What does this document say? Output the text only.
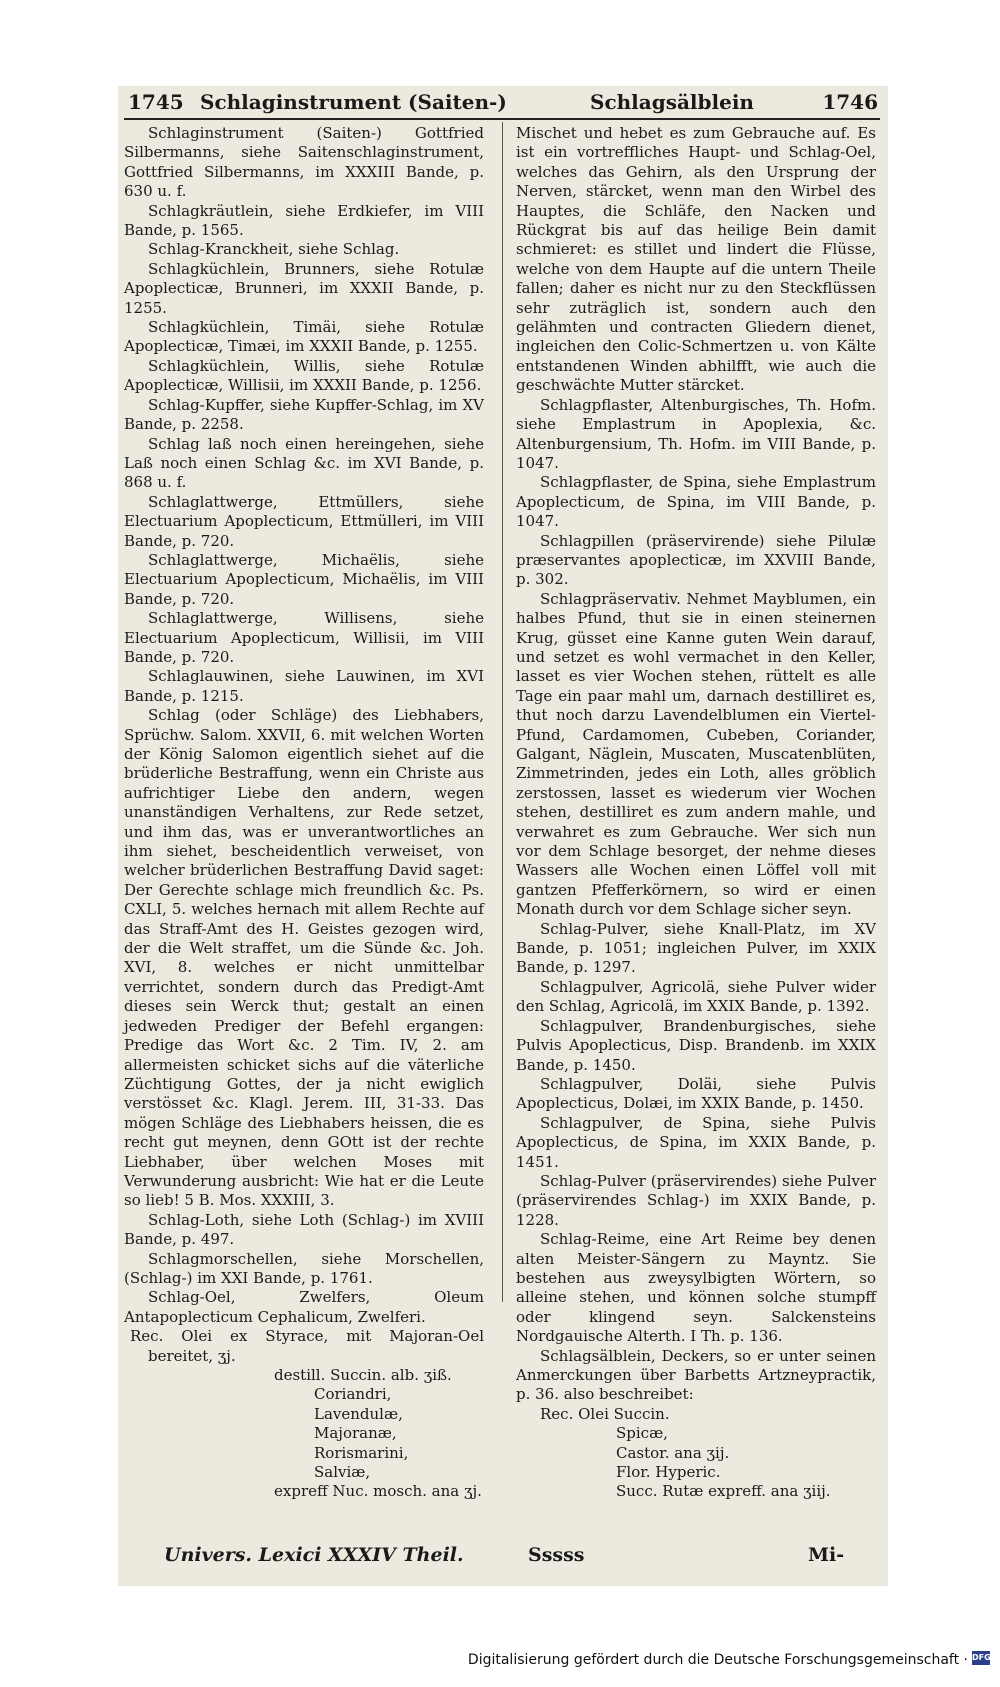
1745 Schlaginstrument (Saiten-)	Schlagsälblein	1746

Schlaginstrument (Saiten-) Gottfried Silbermanns, siehe Saitenschlaginstrument, Gottfried Silbermanns, im XXXIII Bande, p. 630 u. f.

Schlagkräutlein, siehe Erdkiefer, im VIII Bande, p. 1565.

Schlag-Kranckheit, siehe Schlag.

Schlagküchlein, Brunners, siehe Rotulæ Apoplecticæ, Brunneri, im XXXII Bande, p. 1255.

Schlagküchlein, Timäi, siehe Rotulæ Apoplecticæ, Timæi, im XXXII Bande, p. 1255.

Schlagküchlein, Willis, siehe Rotulæ Apoplecticæ, Willisii, im XXXII Bande, p. 1256.

Schlag-Kupffer, siehe Kupffer-Schlag, im XV Bande, p. 2258.

Schlag laß noch einen hereingehen, siehe Laß noch einen Schlag &c. im XVI Bande, p. 868 u. f.

Schlaglattwerge, Ettmüllers, siehe Electuarium Apoplecticum, Ettmülleri, im VIII Bande, p. 720.

Schlaglattwerge, Michaëlis, siehe Electuarium Apoplecticum, Michaëlis, im VIII Bande, p. 720.

Schlaglattwerge, Willisens, siehe Electuarium Apoplecticum, Willisii, im VIII Bande, p. 720.

Schlaglauwinen, siehe Lauwinen, im XVI Bande, p. 1215.

Schlag (oder Schläge) des Liebhabers, Sprüchw. Salom. XXVII, 6. mit welchen Worten der König Salomon eigentlich siehet auf die brüderliche Bestraffung, wenn ein Christe aus aufrichtiger Liebe den andern, wegen unanständigen Verhaltens, zur Rede setzet, und ihm das, was er unverantwortliches an ihm siehet, bescheidentlich verweiset, von welcher brüderlichen Bestraffung David saget: Der Gerechte schlage mich freundlich &c. Ps. CXLI, 5. welches hernach mit allem Rechte auf das Straff-Amt des H. Geistes gezogen wird, der die Welt straffet, um die Sünde &c. Joh. XVI, 8. welches er nicht unmittelbar verrichtet, sondern durch das Predigt-Amt dieses sein Werck thut; gestalt an einen jedweden Prediger der Befehl ergangen: Predige das Wort &c. 2 Tim. IV, 2. am allermeisten schicket sichs auf die väterliche Züchtigung Gottes, der ja nicht ewiglich verstösset &c. Klagl. Jerem. III, 31-33. Das mögen Schläge des Liebhabers heissen, die es recht gut meynen, denn GOtt ist der rechte Liebhaber, über welchen Moses mit Verwunderung ausbricht: Wie hat er die Leute so lieb! 5 B. Mos. XXXIII, 3.

Schlag-Loth, siehe Loth (Schlag-) im XVIII Bande, p. 497.

Schlagmorschellen, siehe Morschellen, (Schlag-) im XXI Bande, p. 1761.

Schlag-Oel, Zwelfers, Oleum Antapoplecticum Cephalicum, Zwelferi.

Rec. Olei ex Styrace, mit Majoran-Oel bereitet, ʒj.

destill. Succin. alb. ʒiß.

Coriandri,

Lavendulæ,

Majoranæ,

Rorismarini,

Salviæ,

expreff Nuc. mosch. ana ʒj.

Mischet und hebet es zum Gebrauche auf. Es ist ein vortreffliches Haupt- und Schlag-Oel, welches das Gehirn, als den Ursprung der Nerven, stärcket, wenn man den Wirbel des Hauptes, die Schläfe, den Nacken und Rückgrat bis auf das heilige Bein damit schmieret: es stillet und lindert die Flüsse, welche von dem Haupte auf die untern Theile fallen; daher es nicht nur zu den Steckflüssen sehr zuträglich ist, sondern auch den gelähmten und contracten Gliedern dienet, ingleichen den Colic-Schmertzen u. von Kälte entstandenen Winden abhilfft, wie auch die geschwächte Mutter stärcket.

Schlagpflaster, Altenburgisches, Th. Hofm. siehe Emplastrum in Apoplexia, &c. Altenburgensium, Th. Hofm. im VIII Bande, p. 1047.

Schlagpflaster, de Spina, siehe Emplastrum Apoplecticum, de Spina, im VIII Bande, p. 1047.

Schlagpillen (präservirende) siehe Pilulæ præservantes apoplecticæ, im XXVIII Bande, p. 302.

Schlagpräservativ. Nehmet Mayblumen, ein halbes Pfund, thut sie in einen steinernen Krug, güsset eine Kanne guten Wein darauf, und setzet es wohl vermachet in den Keller, lasset es vier Wochen stehen, rüttelt es alle Tage ein paar mahl um, darnach destilliret es, thut noch darzu Lavendelblumen ein Viertel-Pfund, Cardamomen, Cubeben, Coriander, Galgant, Näglein, Muscaten, Muscatenblüten, Zimmetrinden, jedes ein Loth, alles gröblich zerstossen, lasset es wiederum vier Wochen stehen, destilliret es zum andern mahle, und verwahret es zum Gebrauche. Wer sich nun vor dem Schlage besorget, der nehme dieses Wassers alle Wochen einen Löffel voll mit gantzen Pfefferkörnern, so wird er einen Monath durch vor dem Schlage sicher seyn.

Schlag-Pulver, siehe Knall-Platz, im XV Bande, p. 1051; ingleichen Pulver, im XXIX Bande, p. 1297.

Schlagpulver, Agricolä, siehe Pulver wider den Schlag, Agricolä, im XXIX Bande, p. 1392.

Schlagpulver, Brandenburgisches, siehe Pulvis Apoplecticus, Disp. Brandenb. im XXIX Bande, p. 1450.

Schlagpulver, Doläi, siehe Pulvis Apoplecticus, Dolæi, im XXIX Bande, p. 1450.

Schlagpulver, de Spina, siehe Pulvis Apoplecticus, de Spina, im XXIX Bande, p. 1451.

Schlag-Pulver (präservirendes) siehe Pulver (präservirendes Schlag-) im XXIX Bande, p. 1228.

Schlag-Reime, eine Art Reime bey denen alten Meister-Sängern zu Mayntz. Sie bestehen aus zweysylbigten Wörtern, so alleine stehen, und können solche stumpff oder klingend seyn. Salckensteins Nordgauische Alterth. I Th. p. 136.

Schlagsälblein, Deckers, so er unter seinen Anmerckungen über Barbetts Artzneypractik, p. 36. also beschreibet:

Rec. Olei Succin.

Spicæ,

Castor. ana ʒij.

Flor. Hyperic.

Succ. Rutæ expreff. ana ʒiij.

Univers. Lexici XXXIV Theil.	Sssss	Mi-
Digitalisierung gefördert durch die Deutsche Forschungsgemeinschaft · DFG
